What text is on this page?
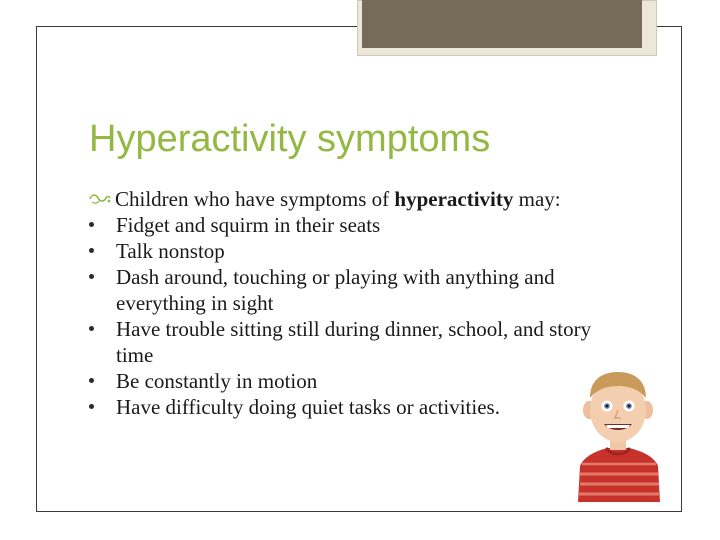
Hyperactivity symptoms

Children who have symptoms of hyperactivity may:

Fidget and squirm in their seats
Talk nonstop
Dash around, touching or playing with anything and everything in sight
Have trouble sitting still during dinner, school, and story time
Be constantly in motion
Have difficulty doing quiet tasks or activities.
